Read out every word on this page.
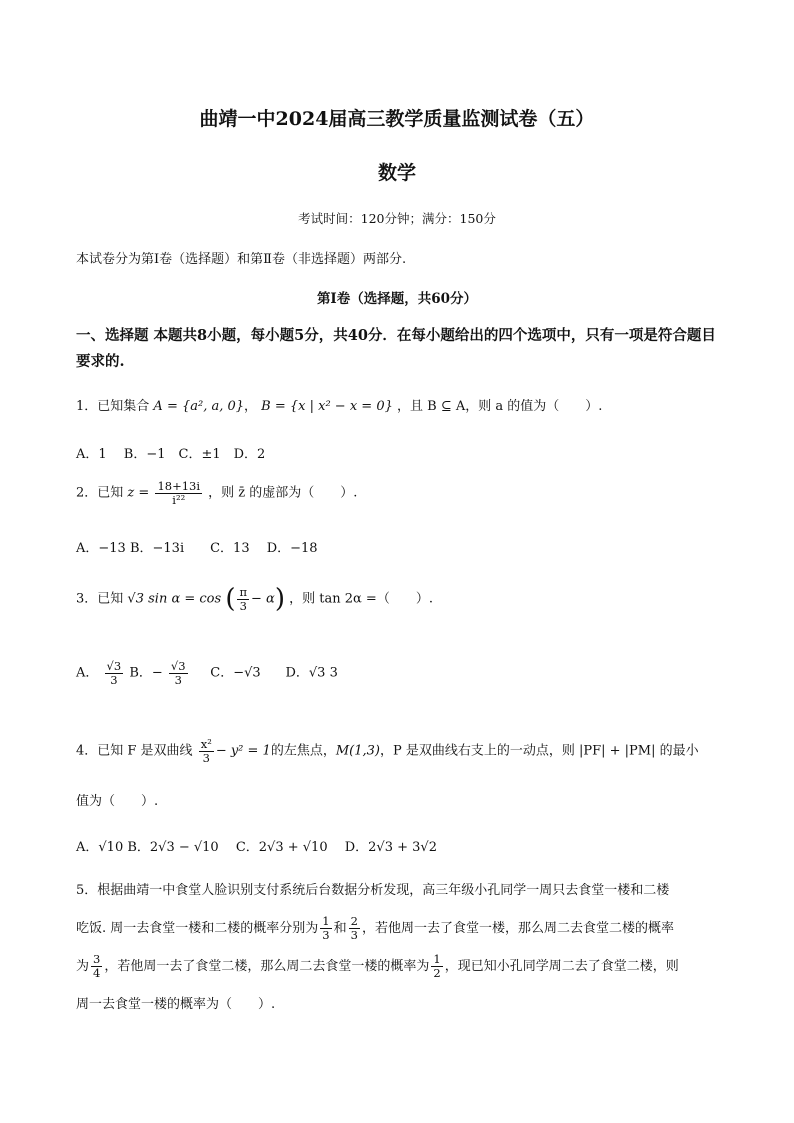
曲靖一中2024届高三教学质量监测试卷（五）
数学
考试时间：120分钟；满分：150分
本试卷分为第Ⅰ卷（选择题）和第Ⅱ卷（非选择题）两部分.
第Ⅰ卷（选择题，共60分）
一、选择题 本题共8小题，每小题5分，共40分．在每小题给出的四个选项中，只有一项是符合题目要求的.
1．已知集合 A = {a², a, 0}， B = {x | x² − x = 0} ，且 B ⊆ A，则 a 的值为（　　）.
A．1　 B．−1　C．±1　D．2
2．已知 $z = \frac{18+13i}{\text{i²²}}$ ，则 z̄ 的虚部为（　　）.
A．−13 B．−13i　　C．13　 D．−18
3．已知 √3 sin α = cos ( $\frac{\pi}{3} - \alpha$) ，则 tan 2α =（　　）.
A． $\frac{√3}{3}$ B．− $\frac{√3}{3}$ C．−√3 D．√3 3
4．已知 F 是双曲线 $\frac{\text{x²}}{3} - y^2 = 1$的左焦点，M(1,3)，P 是双曲线右支上的一动点，则 |PF| + |PM| 的最小
值为（　　）.
A．√10 B．2√3 − √10　 C．2√3 + √10　 D．2√3 + 3√2
5．根据曲靖一中食堂人脸识别支付系统后台数据分析发现，高三年级小孔同学一周只去食堂一楼和二楼
吃饭. 周一去食堂一楼和二楼的概率分别为 $\frac{1}{3}$ 和 $\frac{2}{3}$ ，若他周一去了食堂一楼，那么周二去食堂二楼的概率
为 $\frac{3}{4}$ ，若他周一去了食堂二楼，那么周二去食堂一楼的概率为 $\frac{1}{2}$ ，现已知小孔同学周二去了食堂二楼，则
周一去食堂一楼的概率为（　　）.
